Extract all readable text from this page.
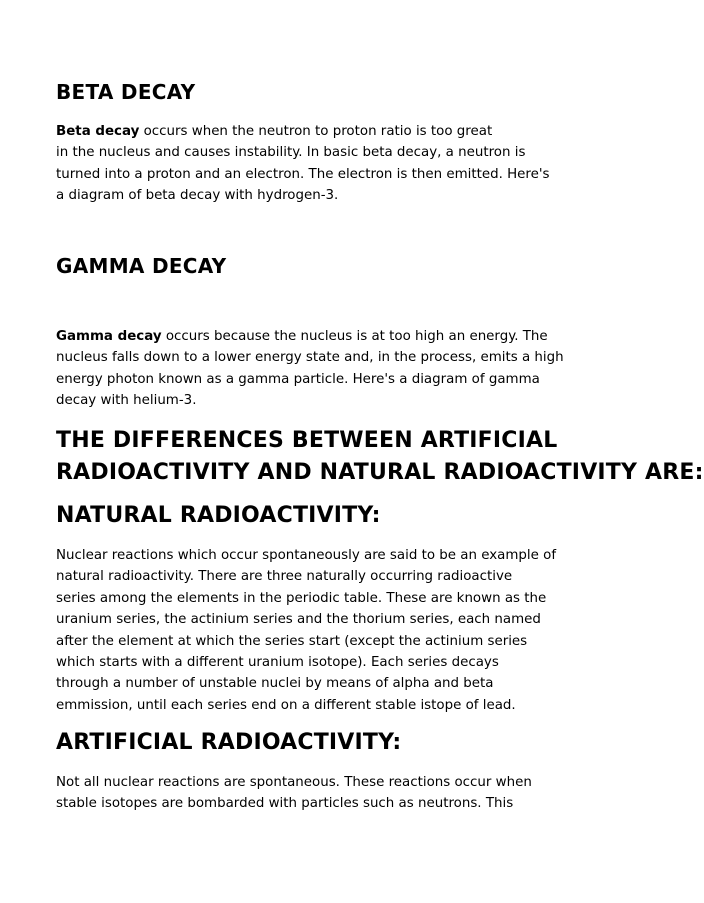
BETA DECAY
Beta decay occurs when the neutron to proton ratio is too great
in the nucleus and causes instability. In basic beta decay, a neutron is
turned into a proton and an electron. The electron is then emitted. Here's
a diagram of beta decay with hydrogen-3.
GAMMA DECAY
Gamma decay occurs because the nucleus is at too high an energy. The
nucleus falls down to a lower energy state and, in the process, emits a high
energy photon known as a gamma particle. Here's a diagram of gamma
decay with helium-3.
THE DIFFERENCES BETWEEN ARTIFICIAL
RADIOACTIVITY AND NATURAL RADIOACTIVITY ARE:
NATURAL RADIOACTIVITY:
Nuclear reactions which occur spontaneously are said to be an example of
natural radioactivity. There are three naturally occurring radioactive
series among the elements in the periodic table. These are known as the
uranium series, the actinium series and the thorium series, each named
after the element at which the series start (except the actinium series
which starts with a different uranium isotope). Each series decays
through a number of unstable nuclei by means of alpha and beta
emmission, until each series end on a different stable istope of lead.
ARTIFICIAL RADIOACTIVITY:
Not all nuclear reactions are spontaneous. These reactions occur when
stable isotopes are bombarded with particles such as neutrons. This
